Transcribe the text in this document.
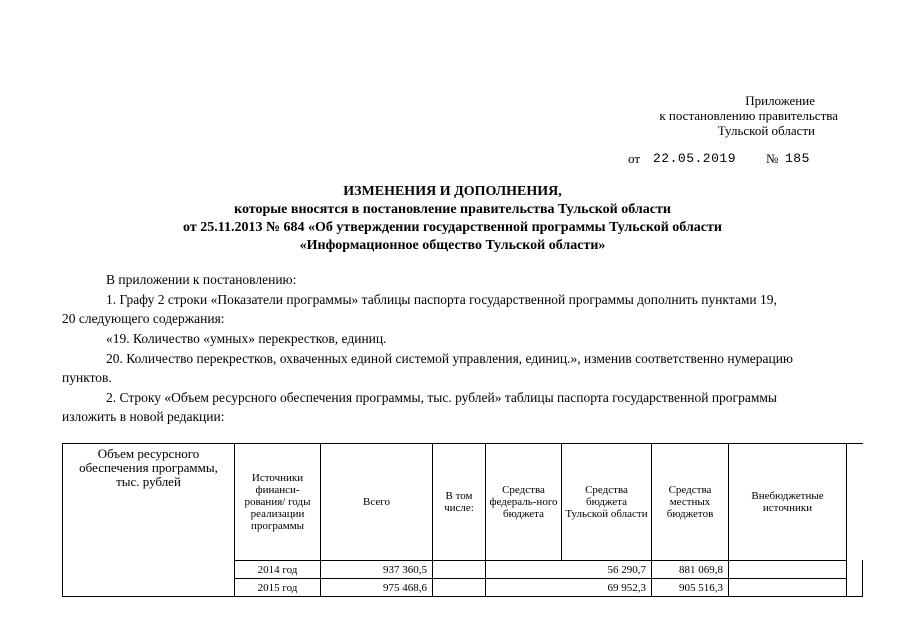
Приложение
к постановлению правительства
Тульской области
от 22.05.2019 № 185
ИЗМЕНЕНИЯ И ДОПОЛНЕНИЯ,
которые вносятся в постановление правительства Тульской области
от 25.11.2013 № 684 «Об утверждении государственной программы Тульской области
«Информационное общество Тульской области»
В приложении к постановлению:
1. Графу 2 строки «Показатели программы» таблицы паспорта государственной программы дополнить пунктами 19,
20 следующего содержания:
«19. Количество «умных» перекрестков, единиц.
20. Количество перекрестков, охваченных единой системой управления, единиц.», изменив соответственно нумерацию
пунктов.
2. Строку «Объем ресурсного обеспечения программы, тыс. рублей» таблицы паспорта государственной программы
изложить в новой редакции:
Объем ресурсного обеспечения программы, тыс. рублей	Источники финанси-рования/ годы реализации программы	Всего	В том числе:	Средства федераль-ного бюджета	Средства бюджета Тульской области	Средства местных бюджетов	Внебюджетные источники		
	2014 год	937 360,5		56 290,7		881 069,8			
	2015 год	975 468,6		69 952,3		905 516,3			
